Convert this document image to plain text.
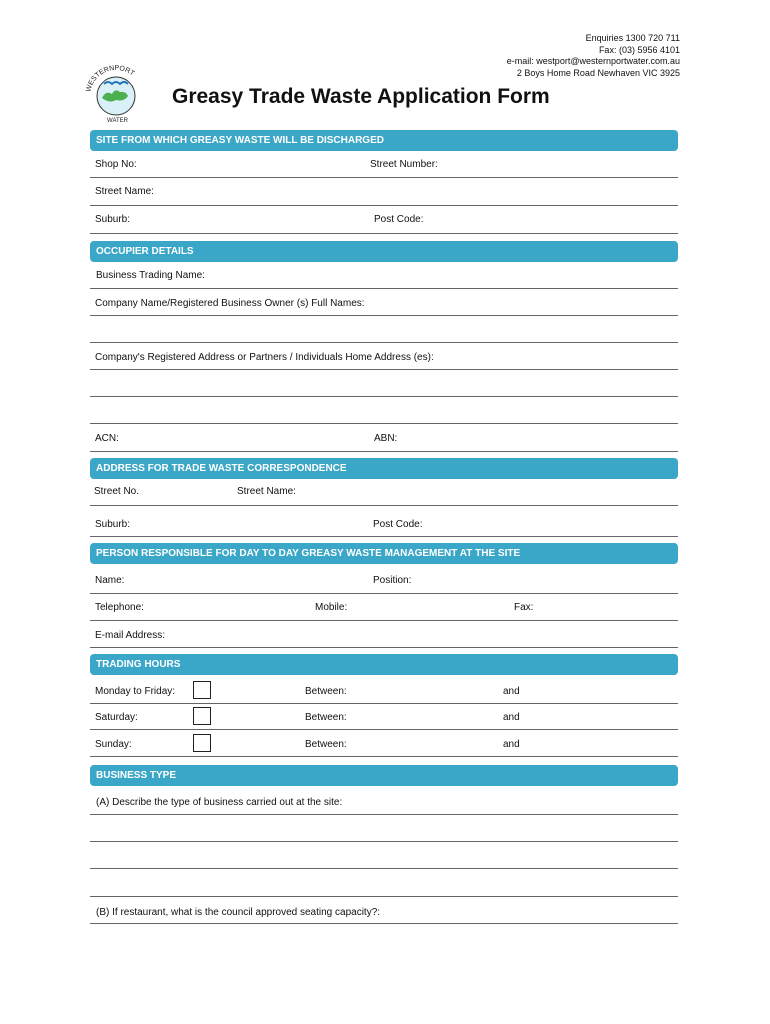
Enquiries 1300 720 711
Fax: (03) 5956 4101
e-mail: westport@westernportwater.com.au
2 Boys Home Road Newhaven VIC 3925
WESTERNPORT
WATER
Greasy Trade Waste Application Form
SITE FROM WHICH GREASY WASTE WILL BE DISCHARGED
Shop No:	Street Number:
Street Name:
Suburb:	Post Code:
OCCUPIER DETAILS
Business Trading Name:
Company Name/Registered Business Owner (s) Full Names:
Company's Registered Address or Partners / Individuals Home Address (es):
ACN:	ABN:
ADDRESS FOR TRADE WASTE CORRESPONDENCE
Street No.	Street Name:
Suburb:	Post Code:
PERSON RESPONSIBLE FOR DAY TO DAY GREASY WASTE MANAGEMENT AT THE SITE
Name:	Position:
Telephone:	Mobile:	Fax:
E-mail Address:
TRADING HOURS
Monday to Friday:	Between:	and
Saturday:	Between:	and
Sunday:	Between:	and
BUSINESS TYPE
(A) Describe the type of business carried out at the site:
(B) If restaurant, what is the council approved seating capacity?:
